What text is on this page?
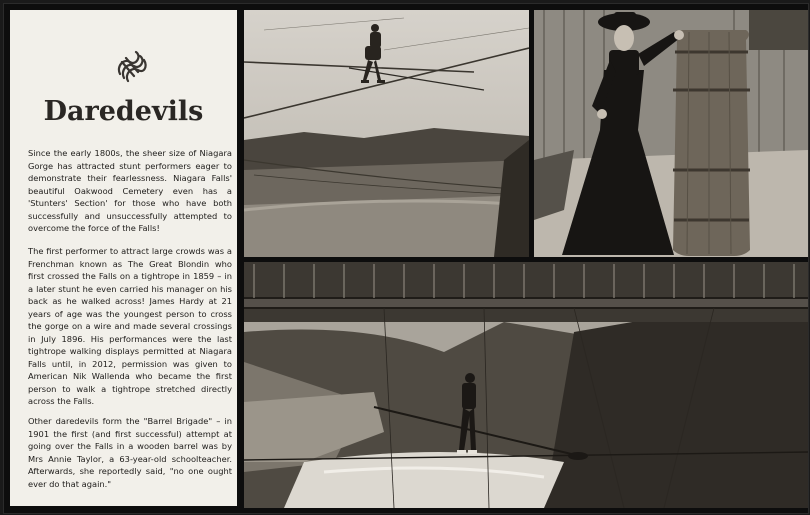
Daredevils

Since the early 1800s, the sheer size of Niagara Gorge has attracted stunt performers eager to demonstrate their fearlessness. Niagara Falls' beautiful Oakwood Cemetery even has a 'Stunters' Section' for those who have both successfully and unsuccessfully attempted to overcome the force of the Falls!

The first performer to attract large crowds was a Frenchman known as The Great Blondin who first crossed the Falls on a tightrope in 1859 – in a later stunt he even carried his manager on his back as he walked across! James Hardy at 21 years of age was the youngest person to cross the gorge on a wire and made several crossings in July 1896. His performances were the last tightrope walking displays permitted at Niagara Falls until, in 2012, permission was given to American Nik Wallenda who became the first person to walk a tightrope stretched directly across the Falls.

Other daredevils form the "Barrel Brigade" – in 1901 the first (and first successful) attempt at going over the Falls in a wooden barrel was by Mrs Annie Taylor, a 63-year-old schoolteacher. Afterwards, she reportedly said, "no one ought ever do that again."
